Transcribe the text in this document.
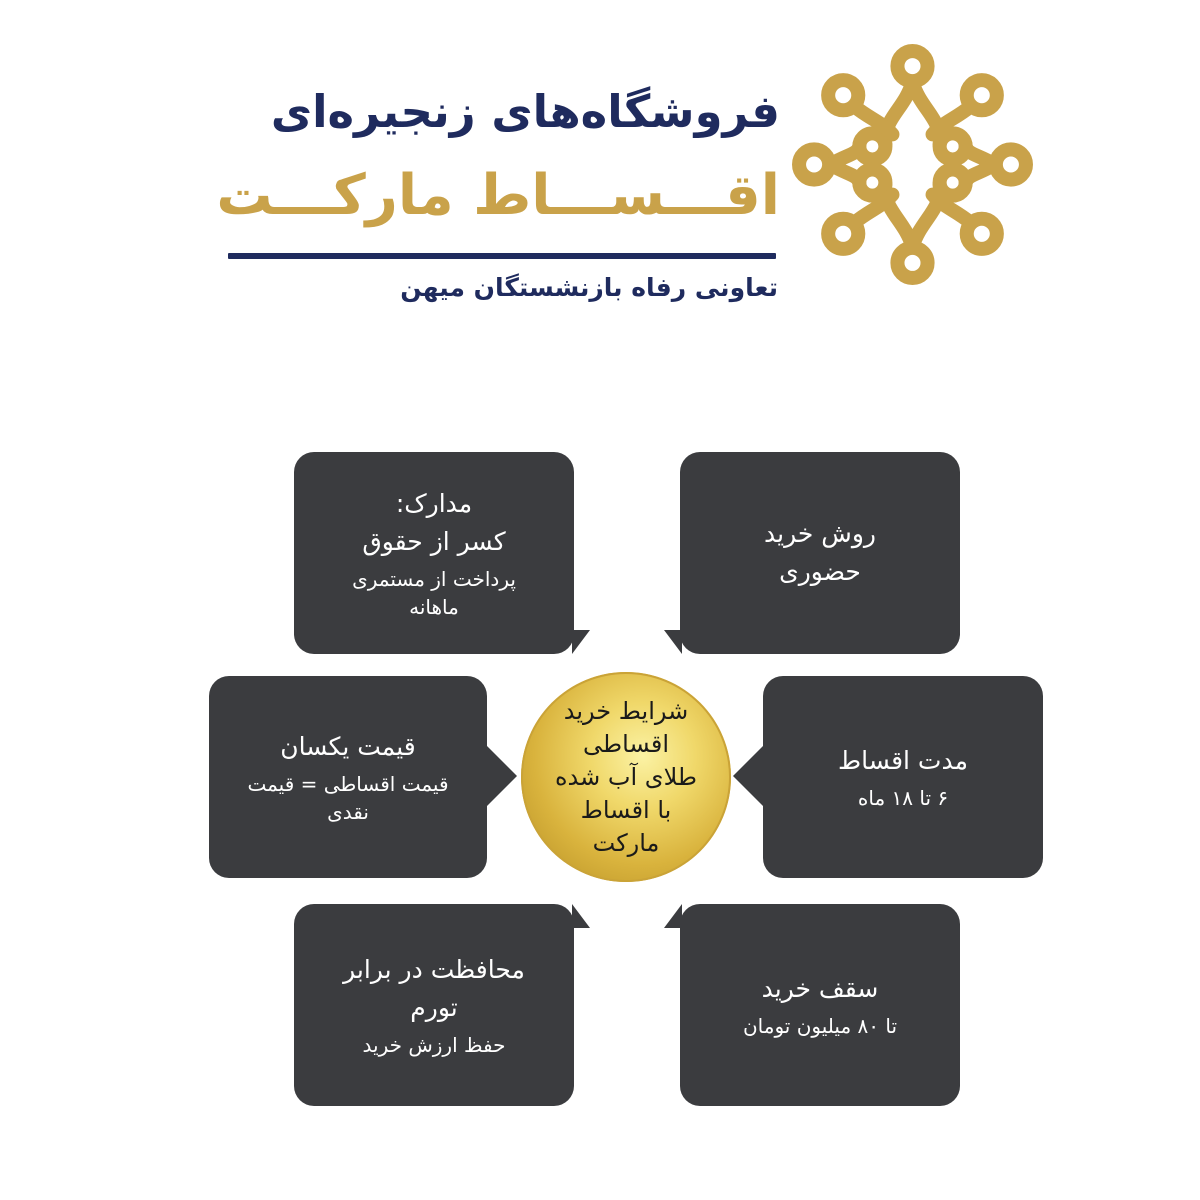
فروشگاه‌های زنجیره‌ای
اقـــســـاط مارکـــت
تعاونی رفاه بازنشستگان میهن
مدارک:
کسر از حقوق
پرداخت از مستمری ماهانه
روش خرید
حضوری
قیمت یکسان
قیمت اقساطی = قیمت نقدی
مدت اقساط
۶ تا ۱۸ ماه
محافظت در برابر تورم
حفظ ارزش خرید
سقف خرید
تا ۸۰ میلیون تومان
شرایط خرید
اقساطی
طلای آب شده
با اقساط
مارکت
